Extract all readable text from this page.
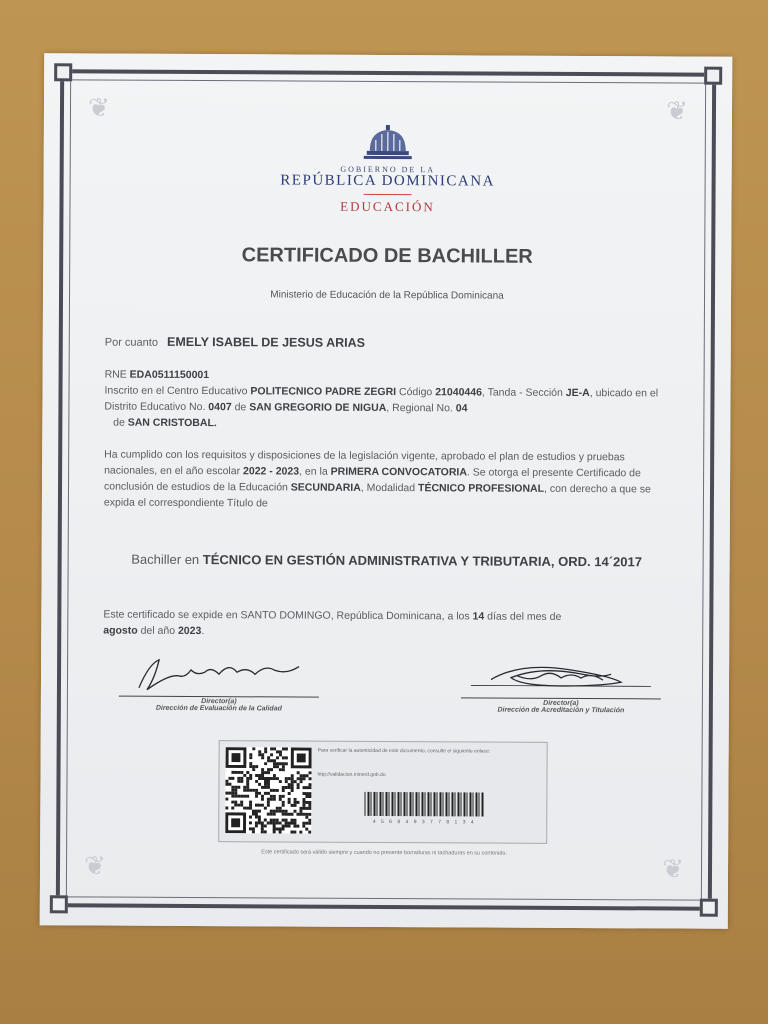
❦	❦
❦	❦
GOBIERNO DE LA
REPÚBLICA DOMINICANA
EDUCACIÓN
CERTIFICADO DE BACHILLER
Ministerio de Educación de la República Dominicana
Por cuanto EMELY ISABEL DE JESUS ARIAS
RNE EDA0511150001
Inscrito en el Centro Educativo POLITECNICO PADRE ZEGRI Código 21040446, Tanda - Sección JE-A, ubicado en el Distrito Educativo No. 0407 de SAN GREGORIO DE NIGUA, Regional No. 04
de SAN CRISTOBAL.
Ha cumplido con los requisitos y disposiciones de la legislación vigente, aprobado el plan de estudios y pruebas nacionales, en el año escolar 2022 - 2023, en la PRIMERA CONVOCATORIA. Se otorga el presente Certificado de conclusión de estudios de la Educación SECUNDARIA, Modalidad TÉCNICO PROFESIONAL, con derecho a que se expida el correspondiente Título de
Bachiller en TÉCNICO EN GESTIÓN ADMINISTRATIVA Y TRIBUTARIA, ORD. 14´2017
Este certificado se expide en SANTO DOMINGO, República Dominicana, a los 14 días del mes de
agosto del año 2023.
Director(a)
Dirección de Evaluación de la Calidad
Director(a)
Dirección de Acreditación y Titulación
Para verificar la autenticidad de este documento, consulte el siguiente enlace:
http://validacion.minerd.gob.do
4 5 6 8 4 9 3 7 7 8 1 3 4
Este certificado será válido siempre y cuando no presente borraduras ni tachaduras en su contenido.
